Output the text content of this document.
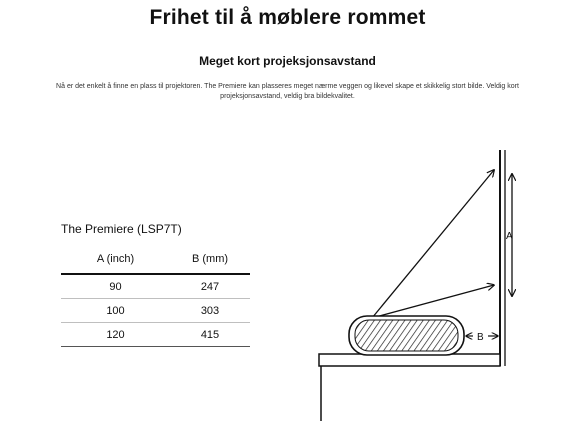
Frihet til å møblere rommet
Meget kort projeksjonsavstand
Nå er det enkelt å finne en plass til projektoren. The Premiere kan plasseres meget nærme veggen og likevel skape et skikkelig stort bilde. Veldig kort projeksjonsavstand, veldig bra bildekvalitet.
The Premiere (LSP7T)
A (inch)	B (mm)
90	247
100	303
120	415
A
B
